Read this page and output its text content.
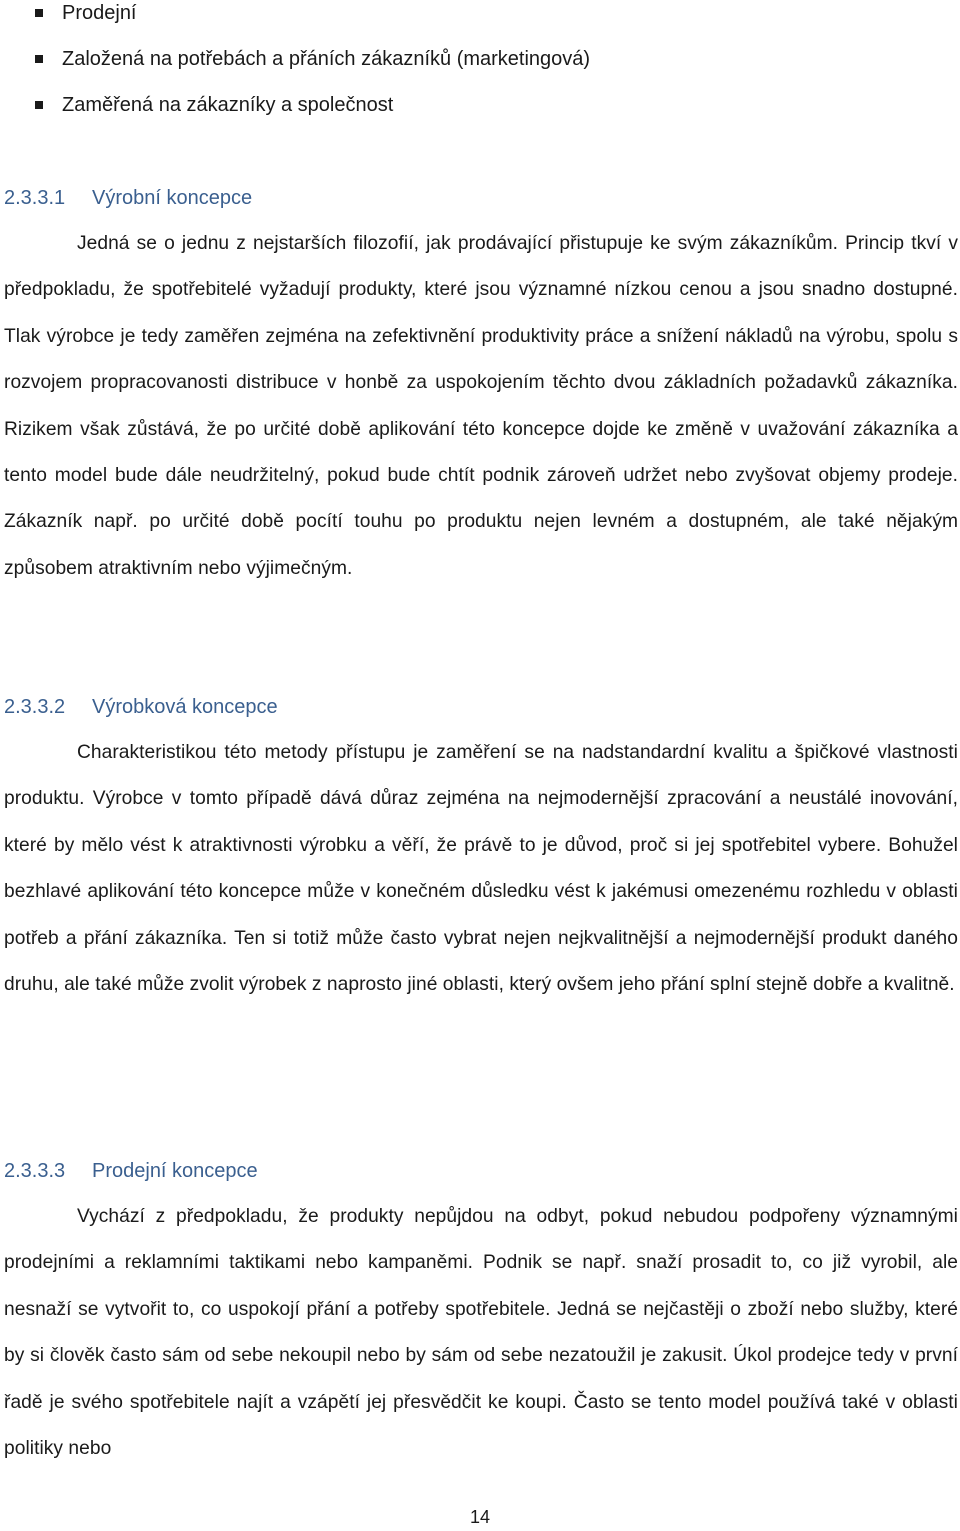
Prodejní
Založená na potřebách a přáních zákazníků (marketingová)
Zaměřená na zákazníky a společnost
2.3.3.1 Výrobní koncepce

Jedná se o jednu z nejstarších filozofií, jak prodávající přistupuje ke svým zákazníkům. Princip tkví v předpokladu, že spotřebitelé vyžadují produkty, které jsou významné nízkou cenou a jsou snadno dostupné. Tlak výrobce je tedy zaměřen zejména na zefektivnění produktivity práce a snížení nákladů na výrobu, spolu s rozvojem propracovanosti distribuce v honbě za uspokojením těchto dvou základních požadavků zákazníka. Rizikem však zůstává, že po určité době aplikování této koncepce dojde ke změně v uvažování zákazníka a tento model bude dále neudržitelný, pokud bude chtít podnik zároveň udržet nebo zvyšovat objemy prodeje. Zákazník např. po určité době pocítí touhu po produktu nejen levném a dostupném, ale také nějakým způsobem atraktivním nebo výjimečným.

2.3.3.2 Výrobková koncepce

Charakteristikou této metody přístupu je zaměření se na nadstandardní kvalitu a špičkové vlastnosti produktu. Výrobce v tomto případě dává důraz zejména na nejmodernější zpracování a neustálé inovování, které by mělo vést k atraktivnosti výrobku a věří, že právě to je důvod, proč si jej spotřebitel vybere. Bohužel bezhlavé aplikování této koncepce může v konečném důsledku vést k jakémusi omezenému rozhledu v oblasti potřeb a přání zákazníka. Ten si totiž může často vybrat nejen nejkvalitnější a nejmodernější produkt daného druhu, ale také může zvolit výrobek z naprosto jiné oblasti, který ovšem jeho přání splní stejně dobře a kvalitně.

2.3.3.3 Prodejní koncepce

Vychází z předpokladu, že produkty nepůjdou na odbyt, pokud nebudou podpořeny významnými prodejními a reklamními taktikami nebo kampaněmi. Podnik se např. snaží prosadit to, co již vyrobil, ale nesnaží se vytvořit to, co uspokojí přání a potřeby spotřebitele. Jedná se nejčastěji o zboží nebo služby, které by si člověk často sám od sebe nekoupil nebo by sám od sebe nezatoužil je zakusit. Úkol prodejce tedy v první řadě je svého spotřebitele najít a vzápětí jej přesvědčit ke koupi. Často se tento model používá také v oblasti politiky nebo

14
